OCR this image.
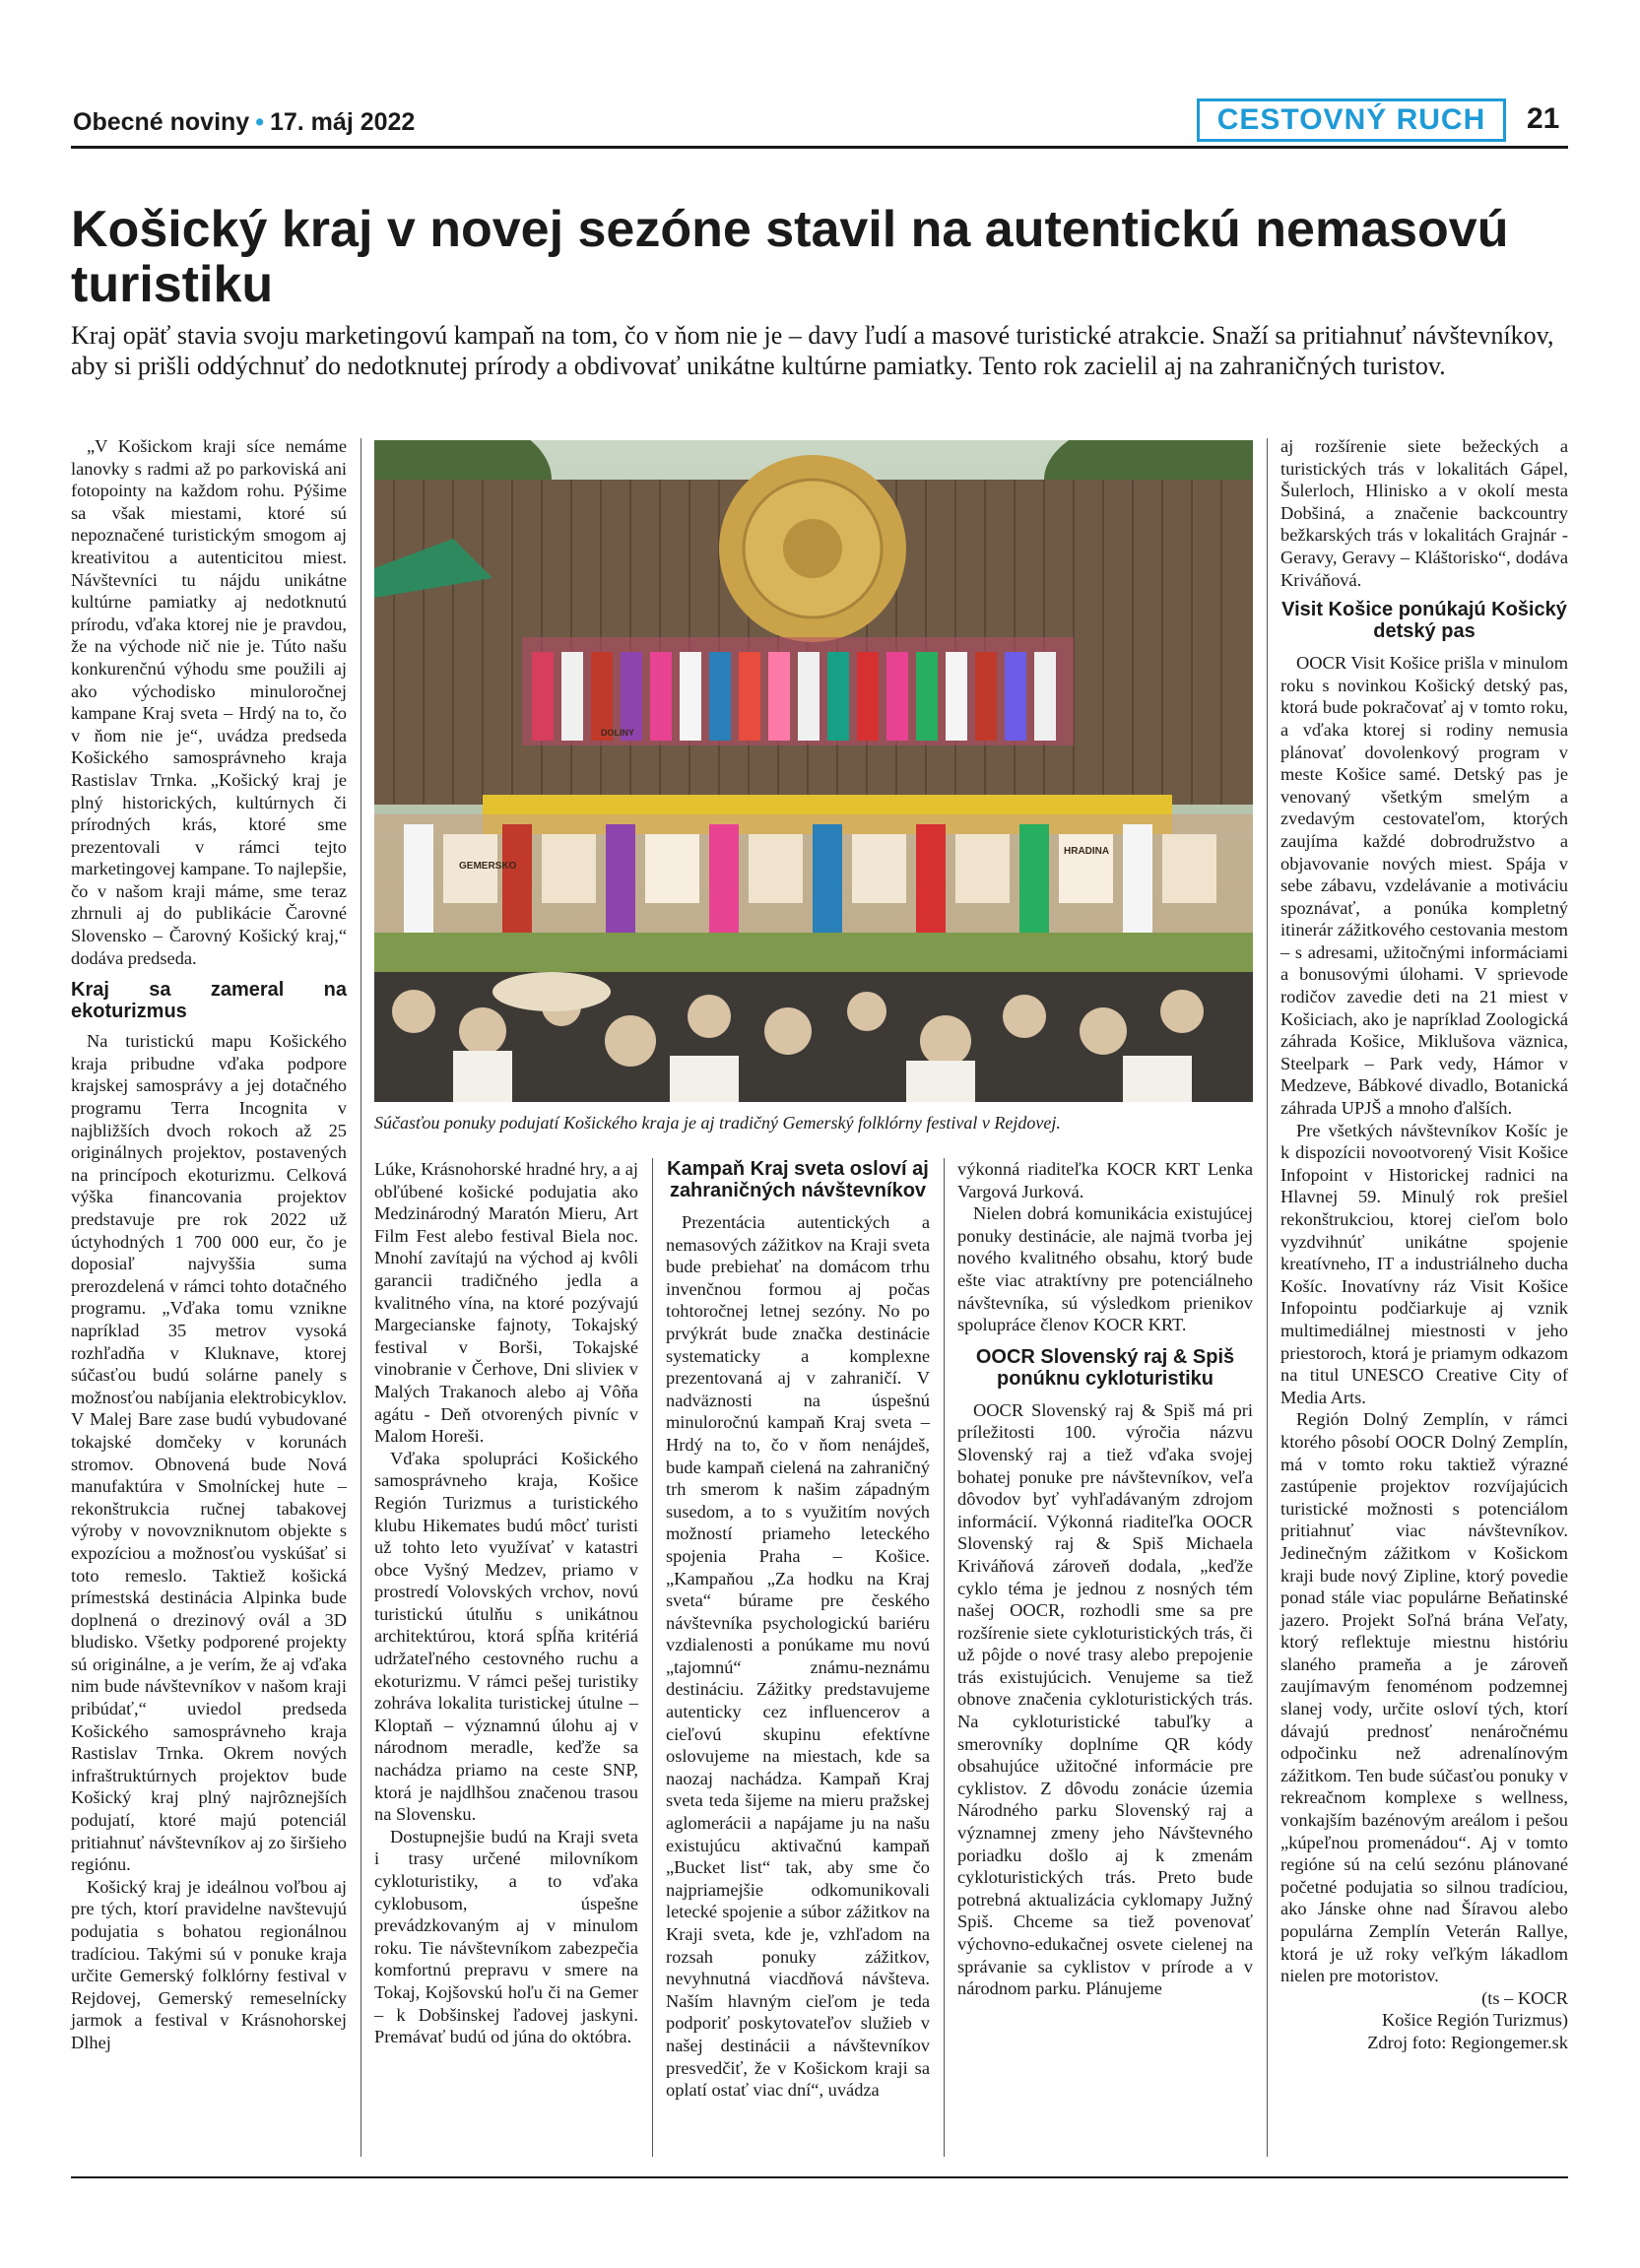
Obecné noviny • 17. máj 2022	CESTOVNÝ RUCH	21
Košický kraj v novej sezóne stavil na autentickú nemasovú turistiku
Kraj opäť stavia svoju marketingovú kampaň na tom, čo v ňom nie je – davy ľudí a masové turistické atrakcie. Snaží sa pritiahnuť návštevníkov, aby si prišli oddýchnuť do nedotknutej prírody a obdivovať unikátne kultúrne pamiatky. Tento rok zacielil aj na zahraničných turistov.

„V Košickom kraji síce nemáme lanovky s radmi až po parkoviská ani fotopointy na každom rohu. Pýšime sa však miestami, ktoré sú nepoznačené turistickým smogom aj kreativitou a autenticitou miest. Návštevníci tu nájdu unikátne kultúrne pamiatky aj nedotknutú prírodu, vďaka ktorej nie je pravdou, že na východe nič nie je. Túto našu konkurenčnú výhodu sme použili aj ako východisko minuloročnej kampane Kraj sveta – Hrdý na to, čo v ňom nie je“, uvádza predseda Košického samosprávneho kraja Rastislav Trnka. „Košický kraj je plný historických, kultúrnych či prírodných krás, ktoré sme prezentovali v rámci tejto marketingovej kampane. To najlepšie, čo v našom kraji máme, sme teraz zhrnuli aj do publikácie Čarovné Slovensko – Čarovný Košický kraj,“ dodáva predseda.

Kraj sa zameral na ekoturizmus

Na turistickú mapu Košického kraja pribudne vďaka podpore krajskej samosprávy a jej dotačného programu Terra Incognita v najbližších dvoch rokoch až 25 originálnych projektov, postavených na princípoch ekoturizmu. Celková výška financovania projektov predstavuje pre rok 2022 už úctyhodných 1 700 000 eur, čo je doposiaľ najvyššia suma prerozdelená v rámci tohto dotačného programu. „Vďaka tomu vznikne napríklad 35 metrov vysoká rozhľadňa v Kluknave, ktorej súčasťou budú solárne panely s možnosťou nabíjania elektrobicyklov. V Malej Bare zase budú vybudované tokajské domčeky v korunách stromov. Obnovená bude Nová manufaktúra v Smolníckej hute – rekonštrukcia ručnej tabakovej výroby v novovzniknutom objekte s expozíciou a možnosťou vyskúšať si toto remeslo. Taktiež košická prímestská destinácia Alpinka bude doplnená o drezinový ovál a 3D bludisko. Všetky podporené projekty sú originálne, a je verím, že aj vďaka nim bude návštevníkov v našom kraji pribúdať,“ uviedol predseda Košického samosprávneho kraja Rastislav Trnka. Okrem nových infraštruktúrnych projektov bude Košický kraj plný najrôznejších podujatí, ktoré majú potenciál pritiahnuť návštevníkov aj zo širšieho regiónu.

Košický kraj je ideálnou voľbou aj pre tých, ktorí pravidelne navštevujú podujatia s bohatou regionálnou tradíciou. Takými sú v ponuke kraja určite Gemerský folklórny festival v Rejdovej, Gemerský remeselnícky jarmok a festival v Krásnohorskej Dlhej

GEMERSKO
HRADINA
DOLINY
Súčasťou ponuky podujatí Košického kraja je aj tradičný Gemerský folklórny festival v Rejdovej.

Lúke, Krásnohorské hradné hry, a aj obľúbené košické podujatia ako Medzinárodný Maratón Mieru, Art Film Fest alebo festival Biela noc. Mnohí zavítajú na východ aj kvôli garancii tradičného jedla a kvalitného vína, na ktoré pozývajú Margecianske fajnoty, Tokajský festival v Borši, Tokajské vinobranie v Čerhove, Dni slivieк v Malých Trakanoch alebo aj Vôňa agátu - Deň otvorených pivníc v Malom Horeši.

Vďaka spolupráci Košického samosprávneho kraja, Košice Región Turizmus a turistického klubu Hikemates budú môcť turisti už tohto leto využívať v katastri obce Vyšný Medzev, priamo v prostredí Volovských vrchov, novú turistickú útulňu s unikátnou architektúrou, ktorá spĺňa kritériá udržateľného cestovného ruchu a ekoturizmu. V rámci pešej turistiky zohráva lokalita turistickej útulne – Kloptaň – významnú úlohu aj v národnom meradle, keďže sa nachádza priamo na ceste SNP, ktorá je najdlhšou značenou trasou na Slovensku.

Dostupnejšie budú na Kraji sveta i trasy určené milovníkom cykloturistiky, a to vďaka cyklobusom, úspešne prevádzkovaným aj v minulom roku. Tie návštevníkom zabezpečia komfortnú prepravu v smere na Tokaj, Kojšovskú hoľu či na Gemer – k Dobšinskej ľadovej jaskyni. Premávať budú od júna do októbra.

Kampaň Kraj sveta osloví aj zahraničných návštevníkov

Prezentácia autentických a nemasových zážitkov na Kraji sveta bude prebiehať na domácom trhu invenčnou formou aj počas tohtoročnej letnej sezóny. No po prvýkrát bude značka destinácie systematicky a komplexne prezentovaná aj v zahraničí. V nadväznosti na úspešnú minuloročnú kampaň Kraj sveta – Hrdý na to, čo v ňom nenájdeš, bude kampaň cielená na zahraničný trh smerom k našim západným susedom, a to s využitím nových možností priameho leteckého spojenia Praha – Košice. „Kampaňou „Za hodku na Kraj sveta“ búrame pre českého návštevníka psychologickú bariéru vzdialenosti a ponúkame mu novú „tajomnú“ známu-neznámu destináciu. Zážitky predstavujeme autenticky cez influencerov a cieľovú skupinu efektívne oslovujeme na miestach, kde sa naozaj nachádza. Kampaň Kraj sveta teda šijeme na mieru pražskej aglomerácii a napájame ju na našu existujúcu aktivačnú kampaň „Bucket list“ tak, aby sme čo najpriamejšie odkomunikovali letecké spojenie a súbor zážitkov na Kraji sveta, kde je, vzhľadom na rozsah ponuky zážitkov, nevyhnutná viacdňová návšteva. Naším hlavným cieľom je teda podporiť poskytovateľov služieb v našej destinácii a návštevníkov presvedčiť, že v Košickom kraji sa oplatí ostať viac dní“, uvádza

výkonná riaditeľka KOCR KRT Lenka Vargová Jurková.

Nielen dobrá komunikácia existujúcej ponuky destinácie, ale najmä tvorba jej nového kvalitného obsahu, ktorý bude ešte viac atraktívny pre potenciálneho návštevníka, sú výsledkom prienikov spolupráce členov KOCR KRT.

OOCR Slovenský raj & Spiš ponúknu cykloturistiku

OOCR Slovenský raj & Spiš má pri príležitosti 100. výročia názvu Slovenský raj a tiež vďaka svojej bohatej ponuke pre návštevníkov, veľa dôvodov byť vyhľadávaným zdrojom informácií. Výkonná riaditeľka OOCR Slovenský raj & Spiš Michaela Kriváňová zároveň dodala, „keďže cyklo téma je jednou z nosných tém našej OOCR, rozhodli sme sa pre rozšírenie siete cykloturistických trás, či už pôjde o nové trasy alebo prepojenie trás existujúcich. Venujeme sa tiež obnove značenia cykloturistických trás. Na cykloturistické tabuľky a smerovníky doplníme QR kódy obsahujúce užitočné informácie pre cyklistov. Z dôvodu zonácie územia Národného parku Slovenský raj a významnej zmeny jeho Návštevného poriadku došlo aj k zmenám cykloturistických trás. Preto bude potrebná aktualizácia cyklomapy Južný Spiš. Chceme sa tiež povenovať výchovno-edukačnej osvete cielenej na správanie sa cyklistov v prírode a v národnom parku. Plánujeme

aj rozšírenie siete bežeckých a turistických trás v lokalitách Gápel, Šulerloch, Hlinisko a v okolí mesta Dobšiná, a značenie backcountry bežkarských trás v lokalitách Grajnár - Geravy, Geravy – Kláštorisko“, dodáva Kriváňová.

Visit Košice ponúkajú Košický detský pas

OOCR Visit Košice prišla v minulom roku s novinkou Košický detský pas, ktorá bude pokračovať aj v tomto roku, a vďaka ktorej si rodiny nemusia plánovať dovolenkový program v meste Košice samé. Detský pas je venovaný všetkým smelým a zvedavým cestovateľom, ktorých zaujíma každé dobrodružstvo a objavovanie nových miest. Spája v sebe zábavu, vzdelávanie a motiváciu spoznávať, a ponúka kompletný itinerár zážitkového cestovania mestom – s adresami, užitočnými informáciami a bonusovými úlohami. V sprievode rodičov zavedie deti na 21 miest v Košiciach, ako je napríklad Zoologická záhrada Košice, Miklušova väznica, Steelpark – Park vedy, Hámor v Medzeve, Bábkové divadlo, Botanická záhrada UPJŠ a mnoho ďalších.

Pre všetkých návštevníkov Košíc je k dispozícii novootvorený Visit Košice Infopoint v Historickej radnici na Hlavnej 59. Minulý rok prešiel rekonštrukciou, ktorej cieľom bolo vyzdvihnúť unikátne spojenie kreatívneho, IT a industriálneho ducha Košíc. Inovatívny ráz Visit Košice Infopointu podčiarkuje aj vznik multimediálnej miestnosti v jeho priestoroch, ktorá je priamym odkazom na titul UNESCO Creative City of Media Arts.

Región Dolný Zemplín, v rámci ktorého pôsobí OOCR Dolný Zemplín, má v tomto roku taktiež výrazné zastúpenie projektov rozvíjajúcich turistické možnosti s potenciálom pritiahnuť viac návštevníkov. Jedinečným zážitkom v Košickom kraji bude nový Zipline, ktorý povedie ponad stále viac populárne Beňatinské jazero. Projekt Soľná brána Veľaty, ktorý reflektuje miestnu históriu slaného prameňa a je zároveň zaujímavým fenoménom podzemnej slanej vody, určite osloví tých, ktorí dávajú prednosť nenáročnému odpočinku než adrenalínovým zážitkom. Ten bude súčasťou ponuky v rekreačnom komplexe s wellness, vonkajším bazénovým areálom i pešou „kúpeľnou promenádou“. Aj v tomto regióne sú na celú sezónu plánované početné podujatia so silnou tradíciou, ako Jánske ohne nad Šíravou alebo populárna Zemplín Veterán Rallye, ktorá je už roky veľkým lákadlom nielen pre motoristov.

(ts – KOCR
Košice Región Turizmus)
Zdroj foto: Regiongemer.sk
